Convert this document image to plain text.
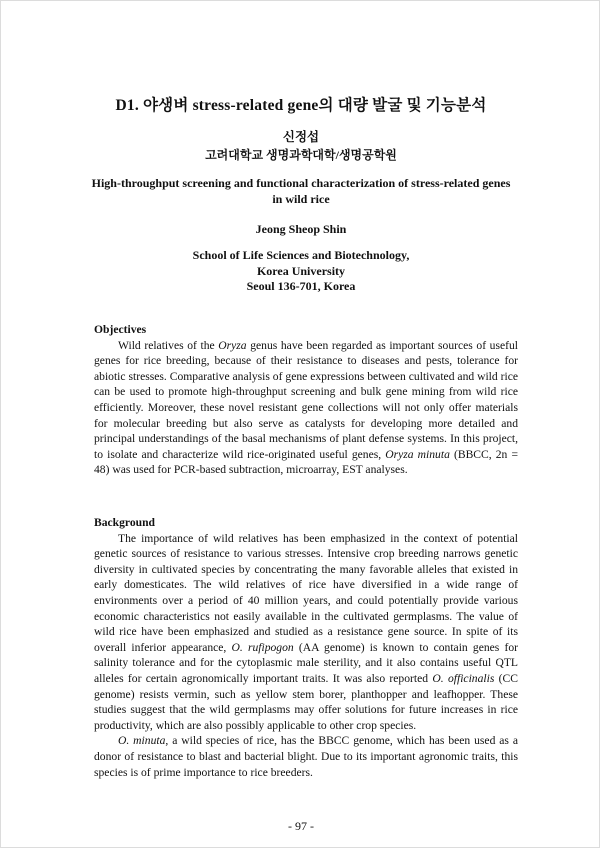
D1. 야생벼 stress-related gene의 대량 발굴 및 기능분석
신정섭
고려대학교 생명과학대학/생명공학원
High-throughput screening and functional characterization of stress-related genes in wild rice
Jeong Sheop Shin
School of Life Sciences and Biotechnology,
Korea University
Seoul 136-701, Korea
Objectives

Wild relatives of the Oryza genus have been regarded as important sources of useful genes for rice breeding, because of their resistance to diseases and pests, tolerance for abiotic stresses. Comparative analysis of gene expressions between cultivated and wild rice can be used to promote high-throughput screening and bulk gene mining from wild rice efficiently. Moreover, these novel resistant gene collections will not only offer materials for molecular breeding but also serve as catalysts for developing more detailed and principal understandings of the basal mechanisms of plant defense systems. In this project, to isolate and characterize wild rice-originated useful genes, Oryza minuta (BBCC, 2n = 48) was used for PCR-based subtraction, microarray, EST analyses.

Background

The importance of wild relatives has been emphasized in the context of potential genetic sources of resistance to various stresses. Intensive crop breeding narrows genetic diversity in cultivated species by concentrating the many favorable alleles that existed in early domesticates. The wild relatives of rice have diversified in a wide range of environments over a period of 40 million years, and could potentially provide various economic characteristics not easily available in the cultivated germplasms. The value of wild rice have been emphasized and studied as a resistance gene source. In spite of its overall inferior appearance, O. rufipogon (AA genome) is known to contain genes for salinity tolerance and for the cytoplasmic male sterility, and it also contains useful QTL alleles for certain agronomically important traits. It was also reported O. officinalis (CC genome) resists vermin, such as yellow stem borer, planthopper and leafhopper. These studies suggest that the wild germplasms may offer solutions for future increases in rice productivity, which are also possibly applicable to other crop species.

O. minuta, a wild species of rice, has the BBCC genome, which has been used as a donor of resistance to blast and bacterial blight. Due to its important agronomic traits, this species is of prime importance to rice breeders.

- 97 -
